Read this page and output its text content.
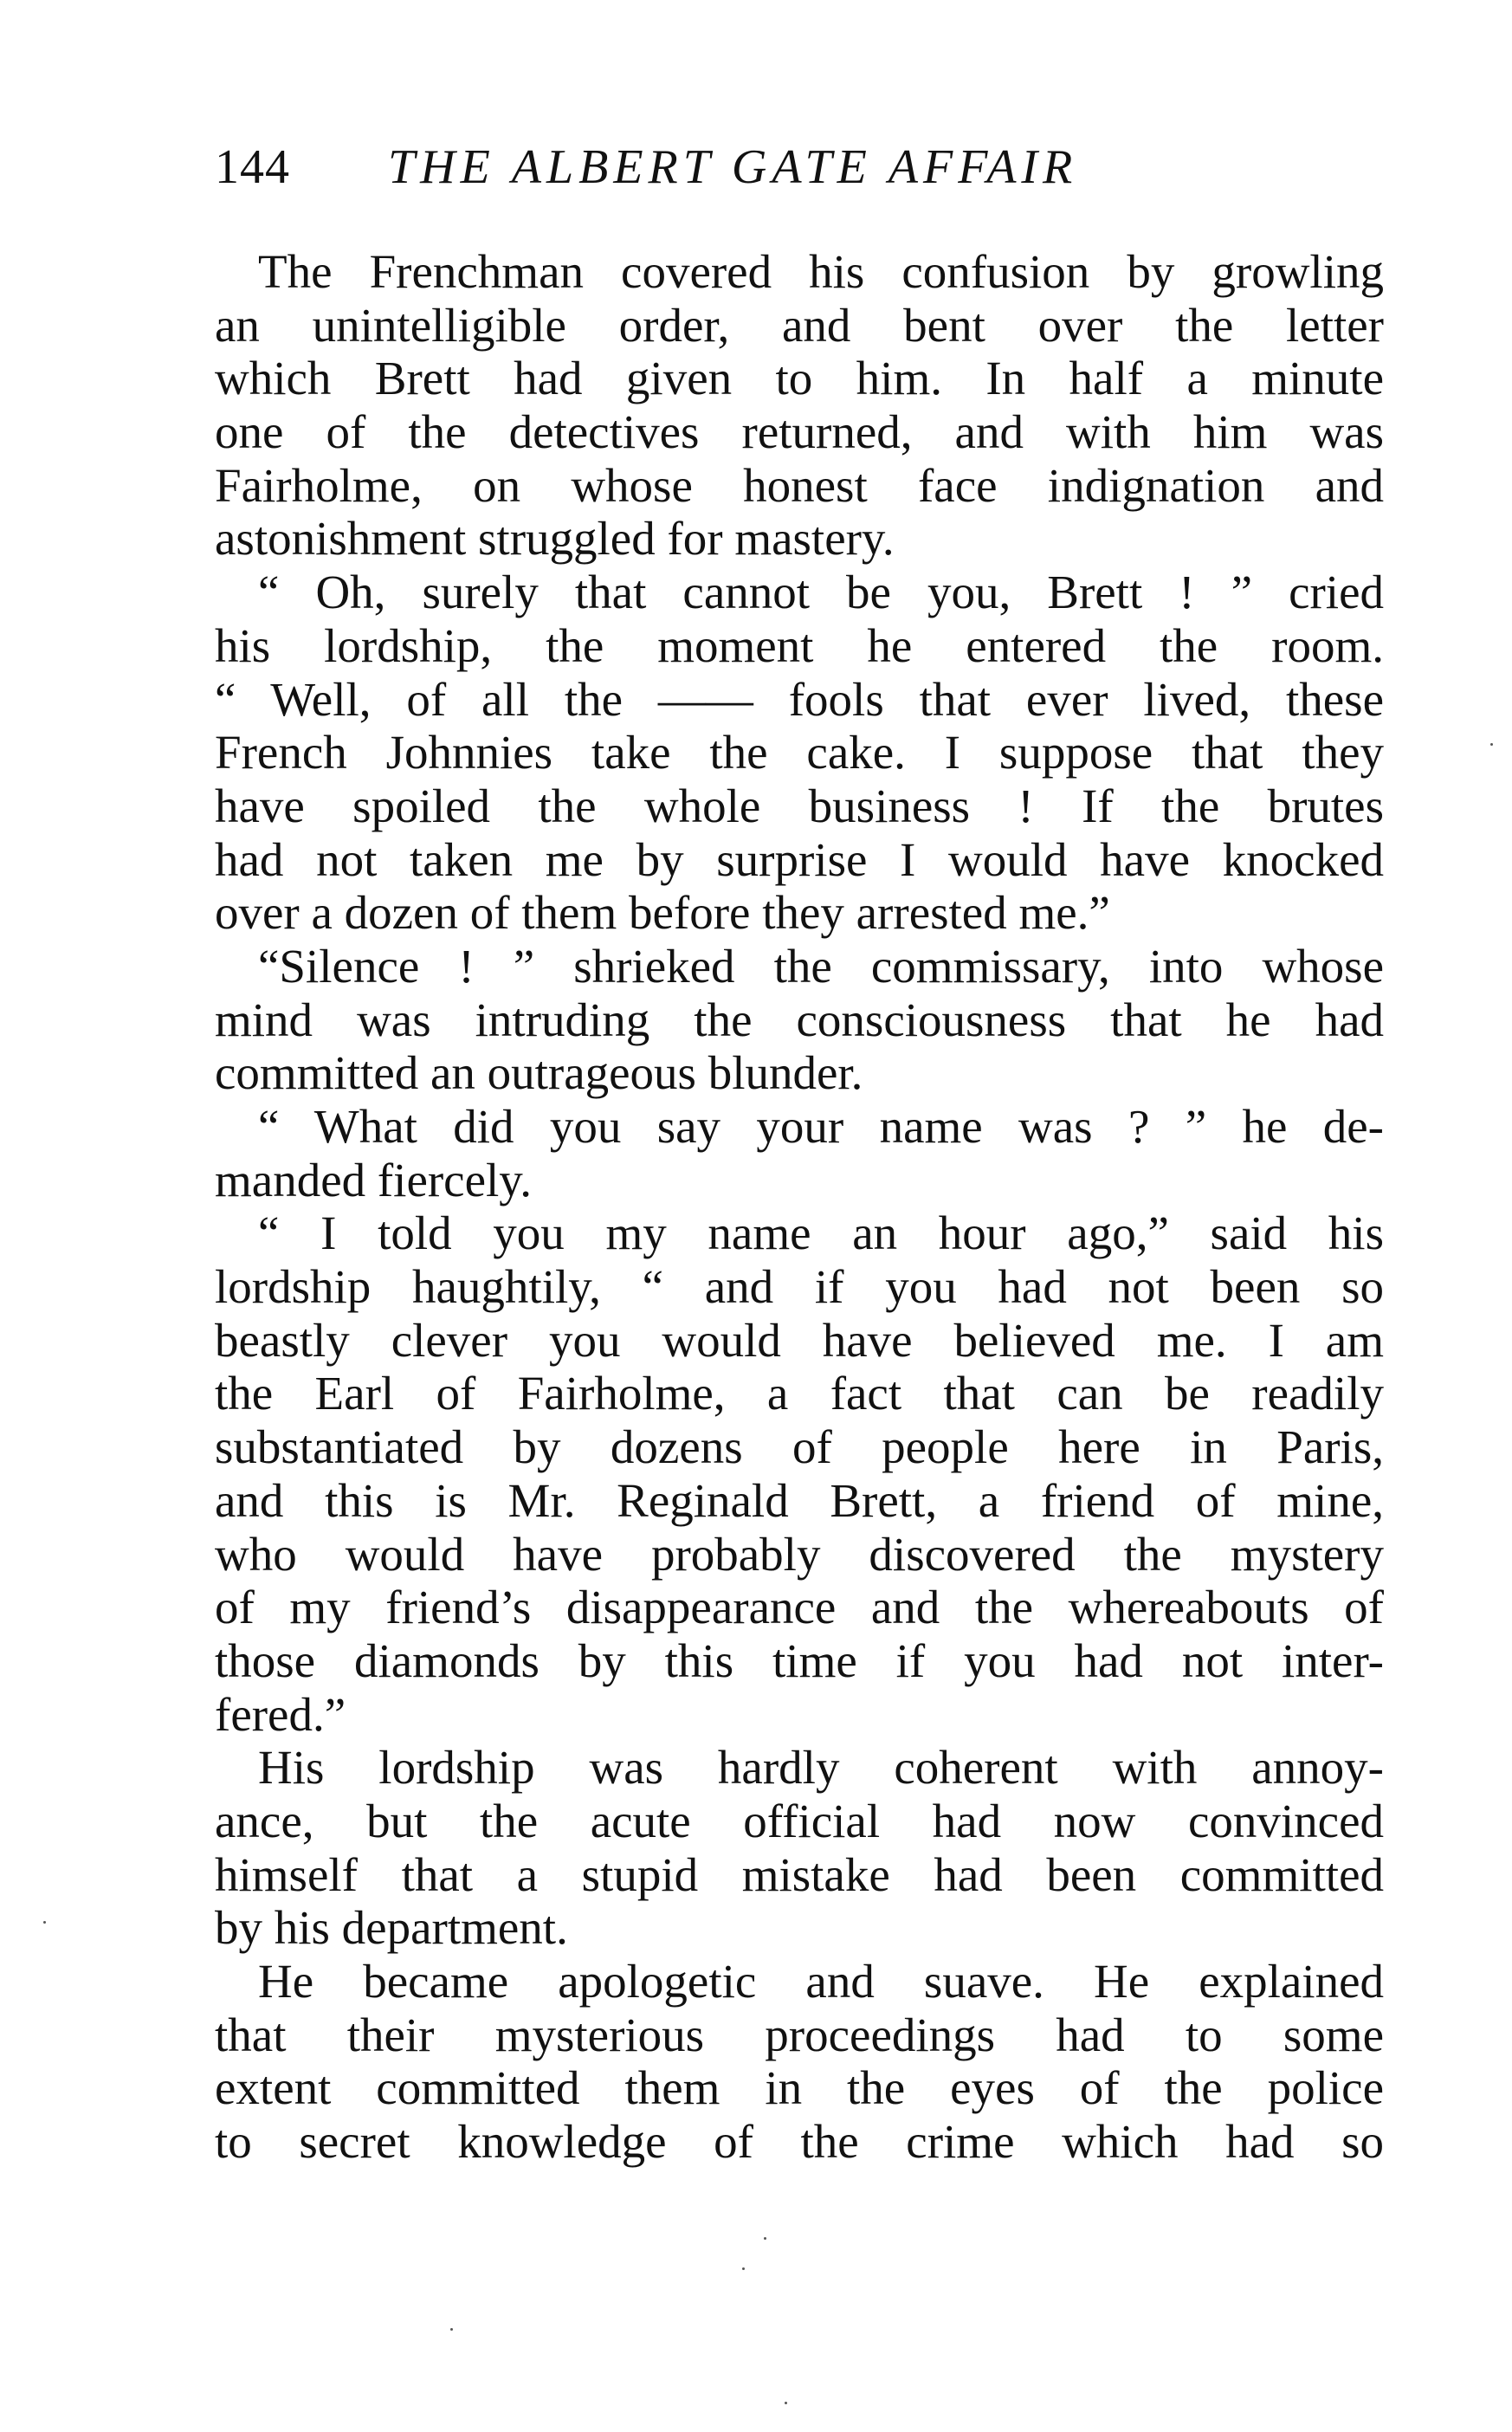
144 THE ALBERT GATE AFFAIR
The Frenchman covered his confusion by growling
an unintelligible order, and bent over the letter
which Brett had given to him. In half a minute
one of the detectives returned, and with him was
Fairholme, on whose honest face indignation and
astonishment struggled for mastery.
“ Oh, surely that cannot be you, Brett ! ” cried
his lordship, the moment he entered the room.
“ Well, of all the —— fools that ever lived, these
French Johnnies take the cake. I suppose that they
have spoiled the whole business ! If the brutes
had not taken me by surprise I would have knocked
over a dozen of them before they arrested me.”
“Silence ! ” shrieked the commissary, into whose
mind was intruding the consciousness that he had
committed an outrageous blunder.
“ What did you say your name was ? ” he de-
manded fiercely.
“ I told you my name an hour ago,” said his
lordship haughtily, “ and if you had not been so
beastly clever you would have believed me. I am
the Earl of Fairholme, a fact that can be readily
substantiated by dozens of people here in Paris,
and this is Mr. Reginald Brett, a friend of mine,
who would have probably discovered the mystery
of my friend’s disappearance and the whereabouts of
those diamonds by this time if you had not inter-
fered.”
His lordship was hardly coherent with annoy-
ance, but the acute official had now convinced
himself that a stupid mistake had been committed
by his department.
He became apologetic and suave. He explained
that their mysterious proceedings had to some
extent committed them in the eyes of the police
to secret knowledge of the crime which had so
